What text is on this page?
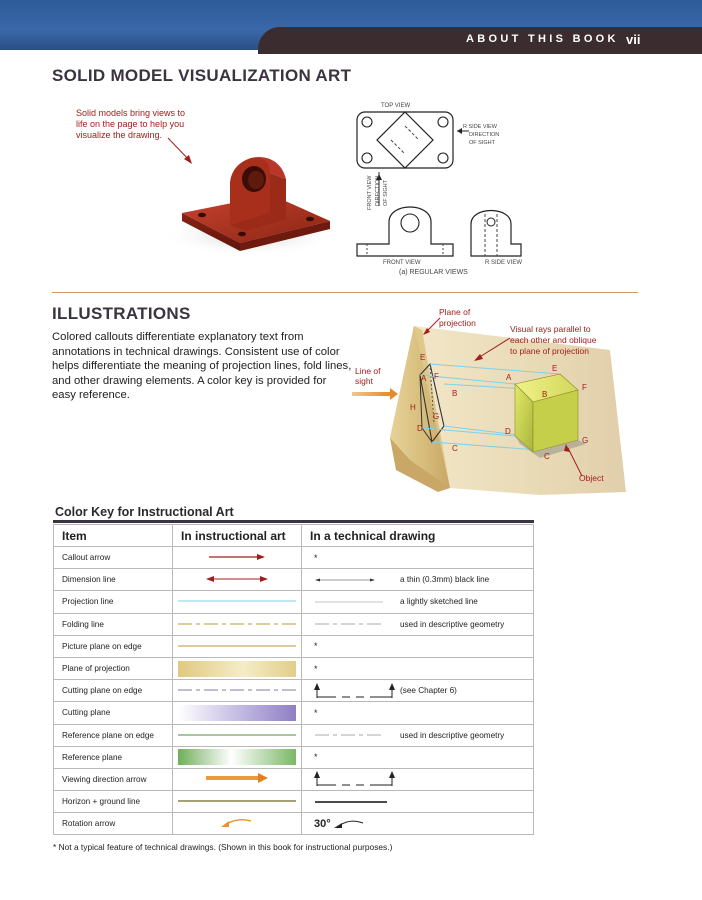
ABOUT THIS BOOK vii
SOLID MODEL VISUALIZATION ART
Solid models bring views to
life on the page to help you
visualize the drawing.
TOP VIEW
R SIDE VIEW
DIRECTION
OF SIGHT
FRONT VIEW DIRECTION OF SIGHT
FRONT VIEW	R SIDE VIEW
(a) REGULAR VIEWS
ILLUSTRATIONS
Colored callouts differentiate explanatory text from annotations in technical drawings. Consistent use of color helps differentiate the meaning of projection lines, fold lines, and other drawing elements. A color key is provided for easy reference.
Plane of
projection
Visual rays parallel to
each other and oblique
to plane of projection
Line of
sight
Object
E
A F
B
H
G
D
C
A
E
F
B
D
C
G
Color Key for Instructional Art
Item	In instructional art	In a technical drawing
Callout arrow		*

Dimension line		a thin (0.3mm) black line

Projection line		a lightly sketched line

Folding line		used in descriptive geometry

Picture plane on edge		*

Plane of projection		*

Cutting plane on edge		(see Chapter 6)

Cutting plane		*

Reference plane on edge		used in descriptive geometry

Reference plane		*

Viewing direction arrow		

Horizon + ground line		

Rotation arrow		30°
* Not a typical feature of technical drawings. (Shown in this book for instructional purposes.)
